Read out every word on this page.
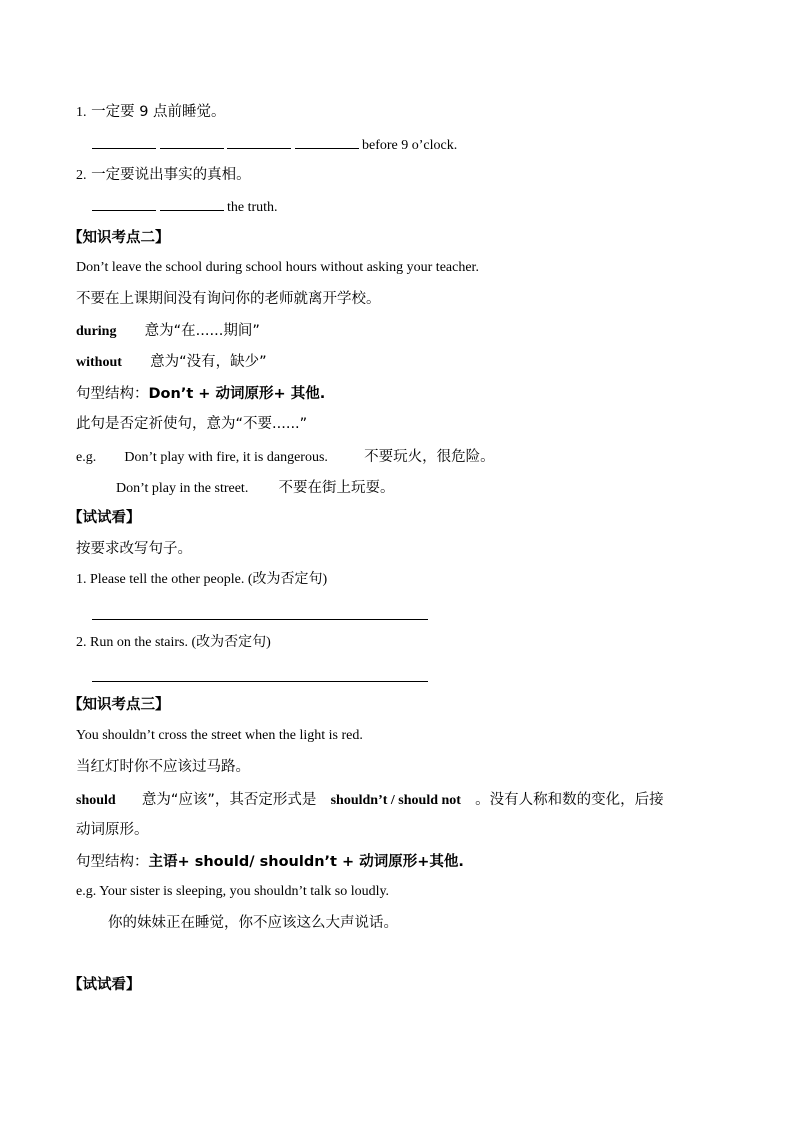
1. 一定要 9 点前睡觉。
before 9 o’clock.
2. 一定要说出事实的真相。
the truth.
【知识考点二】
Don’t leave the school during school hours without asking your teacher.
不要在上课期间没有询问你的老师就离开学校。
during 意为“在......期间”
without 意为“没有，缺少”
句型结构：Don’t + 动词原形+ 其他.
此句是否定祈使句，意为“不要......”
e.g. Don’t play with fire, it is dangerous. 不要玩火，很危险。
Don’t play in the street. 不要在街上玩耍。
【试试看】
按要求改写句子。
1. Please tell the other people. (改为否定句)
2. Run on the stairs. (改为否定句)
【知识考点三】
You shouldn’t cross the street when the light is red.
当红灯时你不应该过马路。
should 意为“应该”，其否定形式是 shouldn’t / should not 。没有人称和数的变化，后接
动词原形。
句型结构：主语+ should/ shouldn’t + 动词原形+其他.
e.g. Your sister is sleeping, you shouldn’t talk so loudly.
你的妹妹正在睡觉，你不应该这么大声说话。
【试试看】
